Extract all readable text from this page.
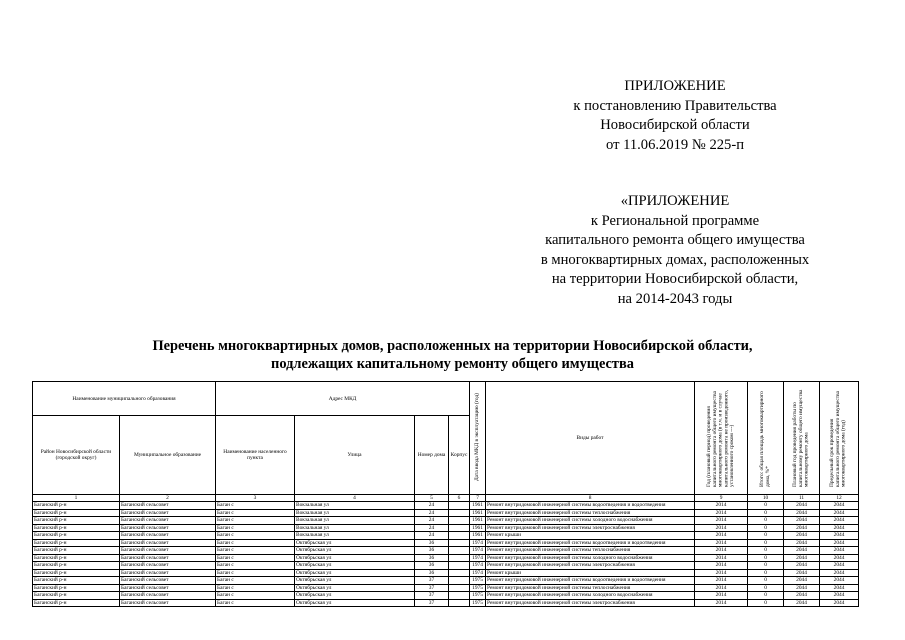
ПРИЛОЖЕНИЕ
к постановлению Правительства
Новосибирской области
от 11.06.2019 № 225-п
«ПРИЛОЖЕНИЕ
к Региональной программе
капитального ремонта общего имущества
в многоквартирных домах, расположенных
на территории Новосибирской области,
на 2014-2043 годы
Перечень многоквартирных домов, расположенных на территории Новосибирской области,
подлежащих капитальному ремонту общего имущества
Наименование муниципального образования		Адрес МКД				Дата ввода МКД в эксплуатацию (год)	Виды работ	Год (плановый период) проведения капитального ремонта общего имущества многоквартирного дома (в т.ч. и в случае капитального ремонта не произведенного, установленного сроком ---)	Итого: общая площадь многоквартирного дома, %*	Плановый год проведения работы по капитальному ремонту общего имущества многоквартирного дома	Предельный срок проведения капитального ремонта общего имущества многоквартирного дома (год)
Район Новосибирской области (городской округ)	Муниципальное образование	Наименование населенного пункта	Улица	Номер дома	Корпус						
1	2	3	4	5	6	7	8	9	10	11	12
Баганский р-н	Баганский сельсовет	Баган с	Вокзальная ул	24		1961	Ремонт внутридомовой инженерной системы водоотведения и водоотведения	2014	0	2044	2044
Баганский р-н	Баганский сельсовет	Баган с	Вокзальная ул	24		1961	Ремонт внутридомовой инженерной системы теплоснабжения	2014	0	2044	2044
Баганский р-н	Баганский сельсовет	Баган с	Вокзальная ул	24		1961	Ремонт внутридомовой инженерной системы холодного водоснабжения	2014	0	2044	2044
Баганский р-н	Баганский сельсовет	Баган с	Вокзальная ул	24		1961	Ремонт внутридомовой инженерной системы электроснабжения	2014	0	2044	2044
Баганский р-н	Баганский сельсовет	Баган с	Вокзальная ул	24		1961	Ремонт крыши	2014	0	2044	2044
Баганский р-н	Баганский сельсовет	Баган с	Октябрьская ул	36		1974	Ремонт внутридомовой инженерной системы водоотведения и водоотведения	2014	0	2044	2044
Баганский р-н	Баганский сельсовет	Баган с	Октябрьская ул	36		1974	Ремонт внутридомовой инженерной системы теплоснабжения	2014	0	2044	2044
Баганский р-н	Баганский сельсовет	Баган с	Октябрьская ул	36		1974	Ремонт внутридомовой инженерной системы холодного водоснабжения	2014	0	2044	2044
Баганский р-н	Баганский сельсовет	Баган с	Октябрьская ул	36		1974	Ремонт внутридомовой инженерной системы электроснабжения	2014	0	2044	2044
Баганский р-н	Баганский сельсовет	Баган с	Октябрьская ул	36		1974	Ремонт крыши	2014	0	2044	2044
Баганский р-н	Баганский сельсовет	Баган с	Октябрьская ул	37		1975	Ремонт внутридомовой инженерной системы водоотведения и водоотведения	2014	0	2044	2044
Баганский р-н	Баганский сельсовет	Баган с	Октябрьская ул	37		1975	Ремонт внутридомовой инженерной системы теплоснабжения	2014	0	2044	2044
Баганский р-н	Баганский сельсовет	Баган с	Октябрьская ул	37		1975	Ремонт внутридомовой инженерной системы холодного водоснабжения	2014	0	2044	2044
Баганский р-н	Баганский сельсовет	Баган с	Октябрьская ул	37		1975	Ремонт внутридомовой инженерной системы электроснабжения	2014	0	2044	2044
